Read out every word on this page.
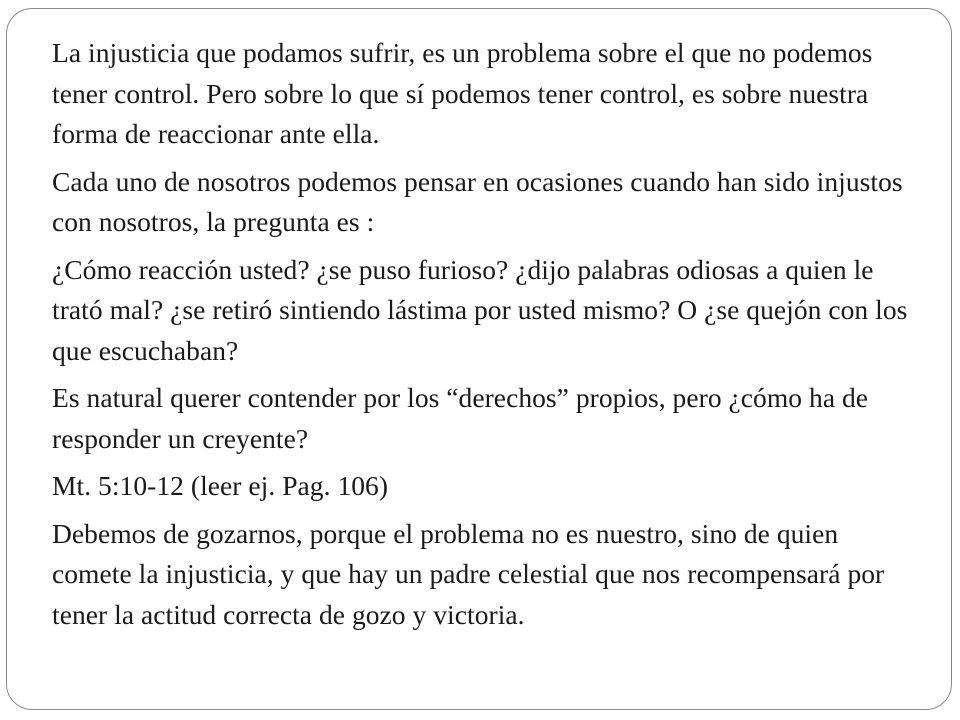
La injusticia que podamos sufrir, es un problema sobre el que no podemos tener control. Pero sobre lo que sí podemos tener control, es sobre nuestra forma de reaccionar ante ella.

Cada uno de nosotros podemos pensar en ocasiones cuando han sido injustos con nosotros, la pregunta es :

¿Cómo reacción usted? ¿se puso furioso? ¿dijo palabras odiosas a quien le trató mal? ¿se retiró sintiendo lástima por usted mismo? O ¿se quejón con los que escuchaban?

Es natural querer contender por los “derechos” propios, pero ¿cómo ha de responder un creyente?

Mt. 5:10-12 (leer ej. Pag. 106)

Debemos de gozarnos, porque el problema no es nuestro, sino de quien comete la injusticia, y que hay un padre celestial que nos recompensará por tener la actitud correcta de gozo y victoria.
